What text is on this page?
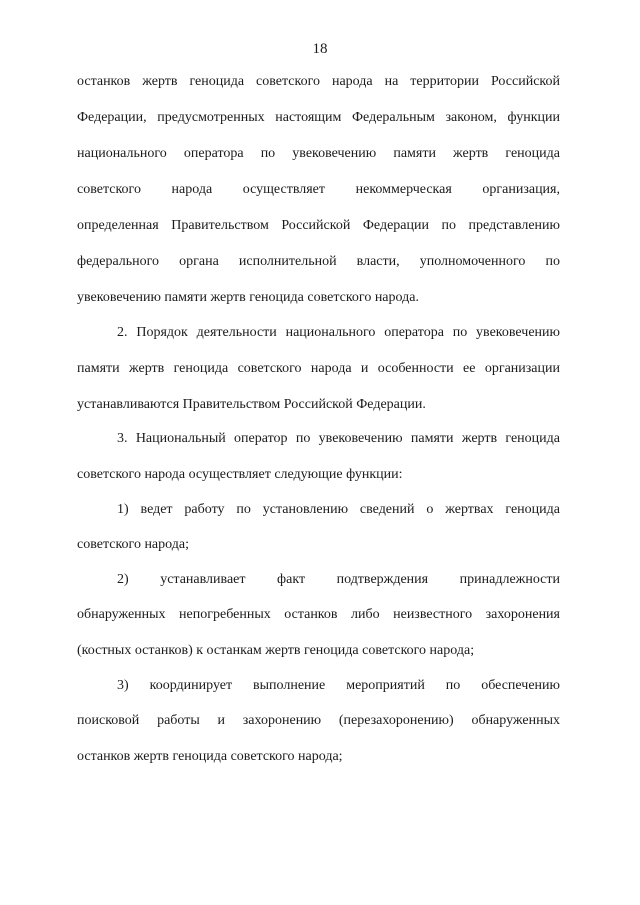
18
останков жертв геноцида советского народа на территории Российской
Федерации, предусмотренных настоящим Федеральным законом, функции
национального оператора по увековечению памяти жертв геноцида
советского народа осуществляет некоммерческая организация,
определенная Правительством Российской Федерации по представлению
федерального органа исполнительной власти, уполномоченного по
увековечению памяти жертв геноцида советского народа.
2. Порядок деятельности национального оператора по увековечению
памяти жертв геноцида советского народа и особенности ее организации
устанавливаются Правительством Российской Федерации.
3. Национальный оператор по увековечению памяти жертв геноцида
советского народа осуществляет следующие функции:
1) ведет работу по установлению сведений о жертвах геноцида
советского народа;
2) устанавливает факт подтверждения принадлежности
обнаруженных непогребенных останков либо неизвестного захоронения
(костных останков) к останкам жертв геноцида советского народа;
3) координирует выполнение мероприятий по обеспечению
поисковой работы и захоронению (перезахоронению) обнаруженных
останков жертв геноцида советского народа;
